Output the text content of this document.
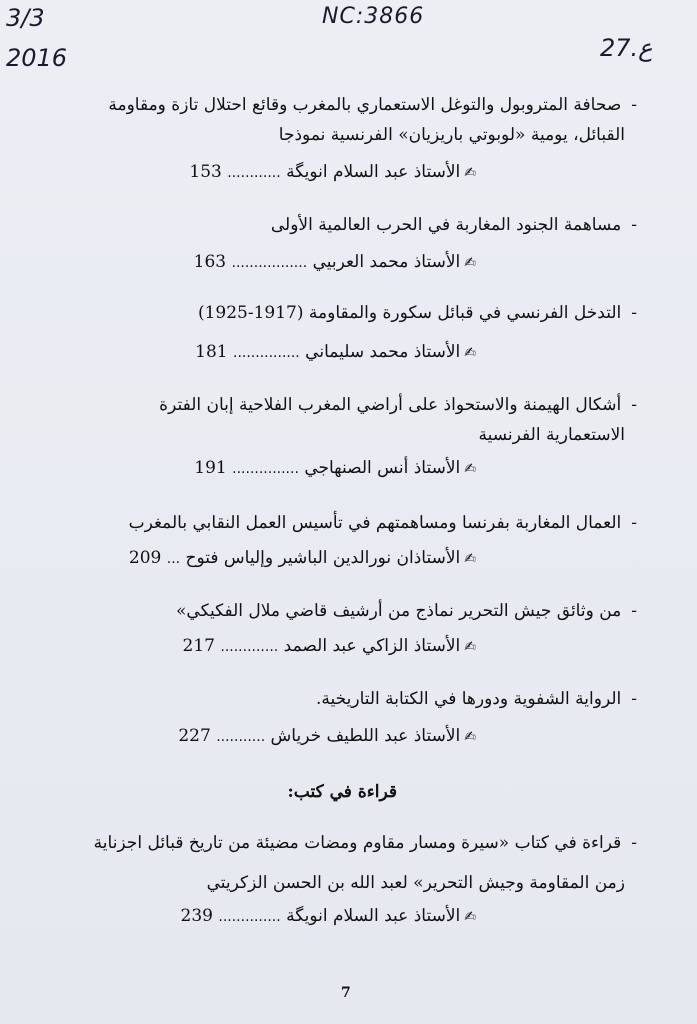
3/3
2016
NC:3866
27.ع
-صحافة المتروبول والتوغل الاستعماري بالمغرب وقائع احتلال تازة ومقاومة
القبائل، يومية «لوبوتي باريزيان» الفرنسية نموذجا
✍الأستاذ عبد السلام انويگة ............ 153
-مساهمة الجنود المغاربة في الحرب العالمية الأولى
✍الأستاذ محمد العربيي ................. 163
-التدخل الفرنسي في قبائل سكورة والمقاومة (1917-1925)
✍الأستاذ محمد سليماني ............... 181
-أشكال الهيمنة والاستحواذ على أراضي المغرب الفلاحية إبان الفترة
الاستعمارية الفرنسية
✍الأستاذ أنس الصنهاجي ............... 191
-العمال المغاربة بفرنسا ومساهمتهم في تأسيس العمل النقابي بالمغرب
✍الأستاذان نورالدين الباشير وإلياس فتوح ... 209
-من وثائق جيش التحرير نماذج من أرشيف قاضي ملال الفكيكي»
✍الأستاذ الزاكي عبد الصمد ............. 217
-الرواية الشفوية ودورها في الكتابة التاريخية.
✍الأستاذ عبد اللطيف خرياش ........... 227
قراءة في كتب:
-قراءة في كتاب «سيرة ومسار مقاوم ومضات مضيئة من تاريخ قبائل اجزناية
زمن المقاومة وجيش التحرير» لعبد الله بن الحسن الزكريتي
✍الأستاذ عبد السلام انويگة .............. 239
7
